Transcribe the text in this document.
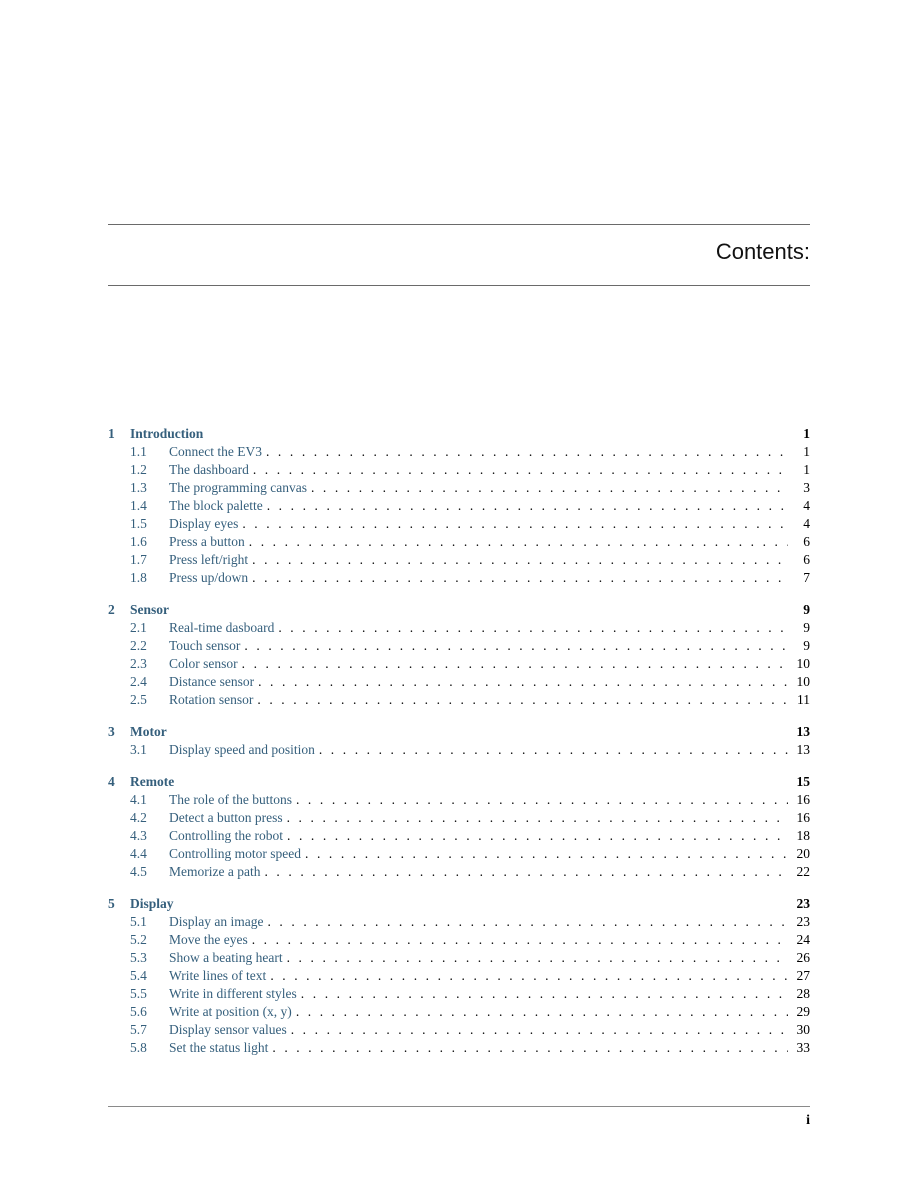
Contents:
1	Introduction	1
1.1	Connect the EV3 . . .	1
1.2	The dashboard . . .	1
1.3	The programming canvas . . .	3
1.4	The block palette . . .	4
1.5	Display eyes . . .	4
1.6	Press a button . . .	6
1.7	Press left/right . . .	6
1.8	Press up/down . . .	7
2	Sensor	9
2.1	Real-time dasboard . . .	9
2.2	Touch sensor . . .	9
2.3	Color sensor . . .	10
2.4	Distance sensor . . .	10
2.5	Rotation sensor . . .	11
3	Motor	13
3.1	Display speed and position . . .	13
4	Remote	15
4.1	The role of the buttons . . .	16
4.2	Detect a button press . . .	16
4.3	Controlling the robot . . .	18
4.4	Controlling motor speed . . .	20
4.5	Memorize a path . . .	22
5	Display	23
5.1	Display an image . . .	23
5.2	Move the eyes . . .	24
5.3	Show a beating heart . . .	26
5.4	Write lines of text . . .	27
5.5	Write in different styles . . .	28
5.6	Write at position (x, y) . . .	29
5.7	Display sensor values . . .	30
5.8	Set the status light . . .	33
i
